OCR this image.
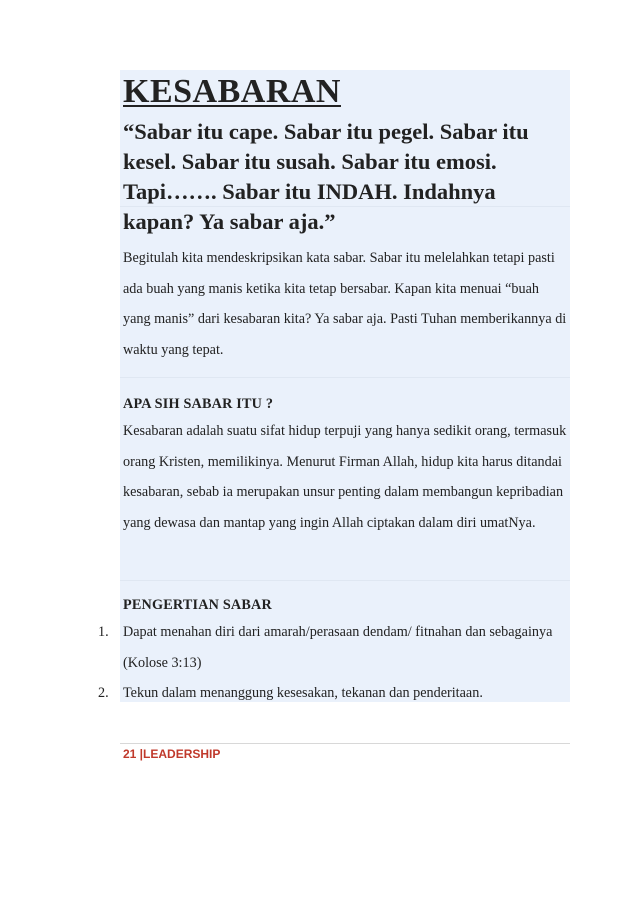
KESABARAN

“Sabar itu cape. Sabar itu pegel. Sabar itu kesel. Sabar itu susah. Sabar itu emosi. Tapi……. Sabar itu INDAH. Indahnya kapan? Ya sabar aja.”

Begitulah kita mendeskripsikan kata sabar. Sabar itu melelahkan tetapi pasti ada buah yang manis ketika kita tetap bersabar. Kapan kita menuai “buah yang manis” dari kesabaran kita? Ya sabar aja. Pasti Tuhan memberikannya di waktu yang tepat.

APA SIH SABAR ITU ?

Kesabaran adalah suatu sifat hidup terpuji yang hanya sedikit orang, termasuk orang Kristen, memilikinya. Menurut Firman Allah, hidup kita harus ditandai kesabaran, sebab ia merupakan unsur penting dalam membangun kepribadian yang dewasa dan mantap yang ingin Allah ciptakan dalam diri umatNya.

PENGERTIAN SABAR
1. Dapat menahan diri dari amarah/perasaan dendam/ fitnahan dan sebagainya (Kolose 3:13)
2. Tekun dalam menanggung kesesakan, tekanan dan penderitaan.
21 |LEADERSHIP
